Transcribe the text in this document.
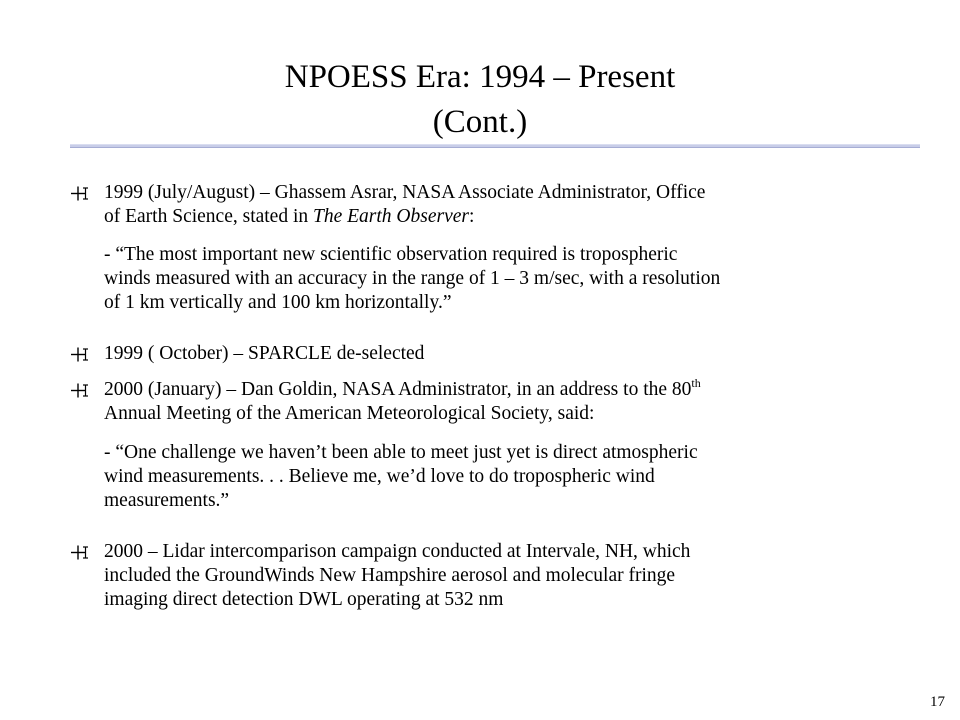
NPOESS Era: 1994 – Present
(Cont.)
1999 (July/August) – Ghassem Asrar, NASA Associate Administrator, Office
of Earth Science, stated in The Earth Observer:
- “The most important new scientific observation required is tropospheric
winds measured with an accuracy in the range of 1 – 3 m/sec, with a resolution
of 1 km vertically and 100 km horizontally.”
1999 ( October) – SPARCLE de-selected
2000 (January) – Dan Goldin, NASA Administrator, in an address to the 80th
Annual Meeting of the American Meteorological Society, said:
- “One challenge we haven’t been able to meet just yet is direct atmospheric
wind measurements. . . Believe me, we’d love to do tropospheric wind
measurements.”
2000 – Lidar intercomparison campaign conducted at Intervale, NH, which
included the GroundWinds New Hampshire aerosol and molecular fringe
imaging direct detection DWL operating at 532 nm
17
